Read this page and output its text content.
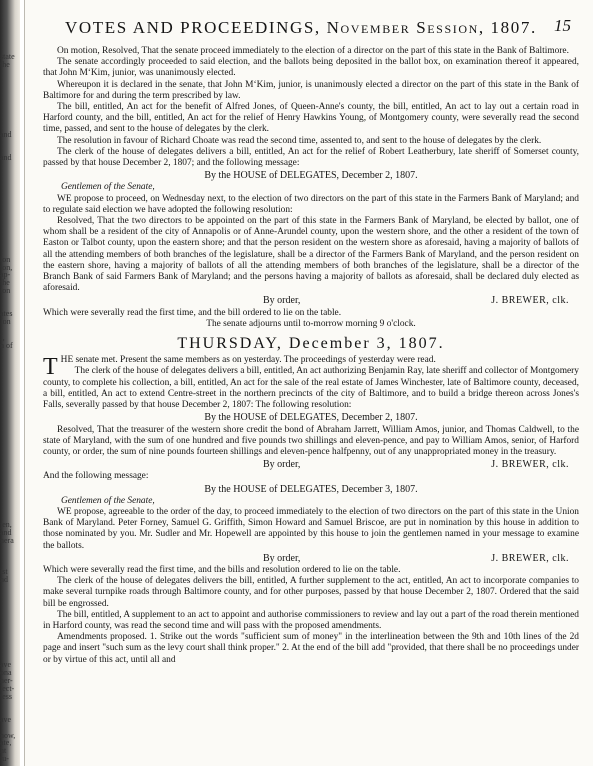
state
the
and
and
ion
ton,
ap-
the
ion
ates
Ion
I,
n of
jen,
and
nera
ist
nd
ave
ona
ner-
lect-
tess
ave
now,
ate,
ht
tu-
VOTES AND PROCEEDINGS, November Session, 1807. 15

On motion, Resolved, That the senate proceed immediately to the election of a director on the part of this state in the Bank of Baltimore.

The senate accordingly proceeded to said election, and the ballots being deposited in the ballot box, on examination thereof it appeared, that John M‘Kim, junior, was unanimously elected.

Whereupon it is declared in the senate, that John M‘Kim, junior, is unanimously elected a director on the part of this state in the Bank of Baltimore for and during the term prescribed by law.

The bill, entitled, An act for the benefit of Alfred Jones, of Queen-Anne's county, the bill, entitled, An act to lay out a certain road in Harford county, and the bill, entitled, An act for the relief of Henry Hawkins Young, of Montgomery county, were severally read the second time, passed, and sent to the house of delegates by the clerk.

The resolution in favour of Richard Choate was read the second time, assented to, and sent to the house of delegates by the clerk.

The clerk of the house of delegates delivers a bill, entitled, An act for the relief of Robert Leatherbury, late sheriff of Somerset county, passed by that house December 2, 1807; and the following message:

By the HOUSE of DELEGATES, December 2, 1807.
Gentlemen of the Senate,

WE propose to proceed, on Wednesday next, to the election of two directors on the part of this state in the Farmers Bank of Maryland; and to regulate said election we have adopted the following resolution:

Resolved, That the two directors to be appointed on the part of this state in the Farmers Bank of Maryland, be elected by ballot, one of whom shall be a resident of the city of Annapolis or of Anne-Arundel county, upon the western shore, and the other a resident of the town of Easton or Talbot county, upon the eastern shore; and that the person resident on the western shore as aforesaid, having a majority of ballots of all the attending members of both branches of the legislature, shall be a director of the Farmers Bank of Maryland, and the person resident on the eastern shore, having a majority of ballots of all the attending members of both branches of the legislature, shall be a director of the Branch Bank of said Farmers Bank of Maryland; and the persons having a majority of ballots as aforesaid, shall be declared duly elected as aforesaid.

By order,	J. BREWER, clk.

Which were severally read the first time, and the bill ordered to lie on the table.

The senate adjourns until to-morrow morning 9 o'clock.
THURSDAY, December 3, 1807.

THE senate met. Present the same members as on yesterday. The proceedings of yesterday were read.

The clerk of the house of delegates delivers a bill, entitled, An act authorizing Benjamin Ray, late sheriff and collector of Montgomery county, to complete his collection, a bill, entitled, An act for the sale of the real estate of James Winchester, late of Baltimore county, deceased, a bill, entitled, An act to extend Centre-street in the northern precincts of the city of Baltimore, and to build a bridge thereon across Jones's Falls, severally passed by that house December 2, 1807: The following resolution:

By the HOUSE of DELEGATES, December 2, 1807.

Resolved, That the treasurer of the western shore credit the bond of Abraham Jarrett, William Amos, junior, and Thomas Caldwell, to the state of Maryland, with the sum of one hundred and five pounds two shillings and eleven-pence, and pay to William Amos, senior, of Harford county, or order, the sum of nine pounds fourteen shillings and eleven-pence halfpenny, out of any unappropriated money in the treasury.

By order,	J. BREWER, clk.

And the following message:

By the HOUSE of DELEGATES, December 3, 1807.
Gentlemen of the Senate,

WE propose, agreeable to the order of the day, to proceed immediately to the election of two directors on the part of this state in the Union Bank of Maryland. Peter Forney, Samuel G. Griffith, Simon Howard and Samuel Briscoe, are put in nomination by this house in addition to those nominated by you. Mr. Sudler and Mr. Hopewell are appointed by this house to join the gentlemen named in your message to examine the ballots.

By order,	J. BREWER, clk.

Which were severally read the first time, and the bills and resolution ordered to lie on the table.

The clerk of the house of delegates delivers the bill, entitled, A further supplement to the act, entitled, An act to incorporate companies to make several turnpike roads through Baltimore county, and for other purposes, passed by that house December 2, 1807. Ordered that the said bill be engrossed.

The bill, entitled, A supplement to an act to appoint and authorise commissioners to review and lay out a part of the road therein mentioned in Harford county, was read the second time and will pass with the proposed amendments.

Amendments proposed. 1. Strike out the words "sufficient sum of money" in the interlineation between the 9th and 10th lines of the 2d page and insert "such sum as the levy court shall think proper." 2. At the end of the bill add "provided, that there shall be no proceedings under or by virtue of this act, until all and
